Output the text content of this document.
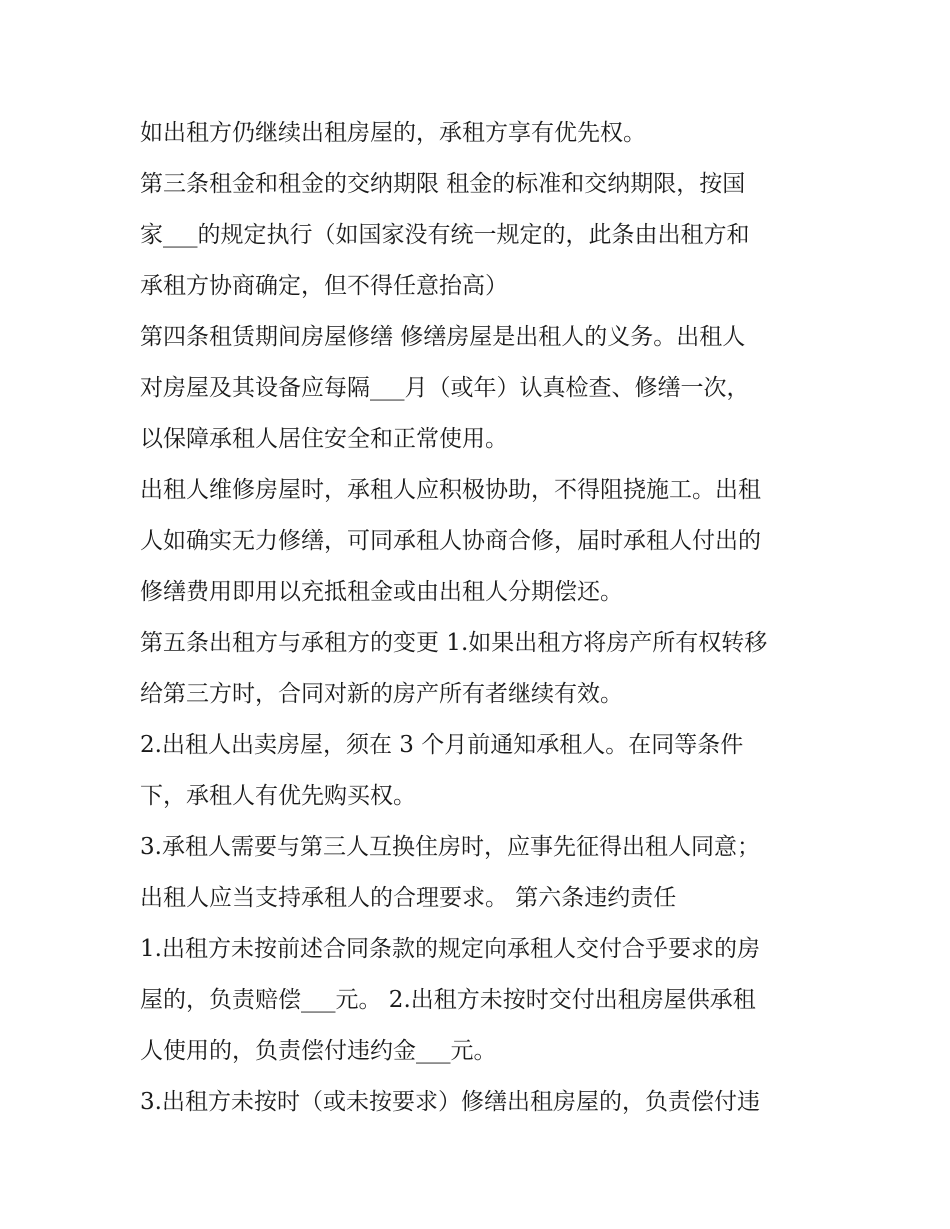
如出租方仍继续出租房屋的，承租方享有优先权。
第三条租金和租金的交纳期限 租金的标准和交纳期限，按国
家___的规定执行（如国家没有统一规定的，此条由出租方和
承租方协商确定，但不得任意抬高）
第四条租赁期间房屋修缮 修缮房屋是出租人的义务。出租人
对房屋及其设备应每隔___月（或年）认真检查、修缮一次，
以保障承租人居住安全和正常使用。
出租人维修房屋时，承租人应积极协助，不得阻挠施工。出租
人如确实无力修缮，可同承租人协商合修，届时承租人付出的
修缮费用即用以充抵租金或由出租人分期偿还。
第五条出租方与承租方的变更 1.如果出租方将房产所有权转移
给第三方时，合同对新的房产所有者继续有效。
2.出租人出卖房屋，须在 3 个月前通知承租人。在同等条件
下，承租人有优先购买权。
3.承租人需要与第三人互换住房时，应事先征得出租人同意；
出租人应当支持承租人的合理要求。 第六条违约责任
1.出租方未按前述合同条款的规定向承租人交付合乎要求的房
屋的，负责赔偿___元。 2.出租方未按时交付出租房屋供承租
人使用的，负责偿付违约金___元。
3.出租方未按时（或未按要求）修缮出租房屋的，负责偿付违
